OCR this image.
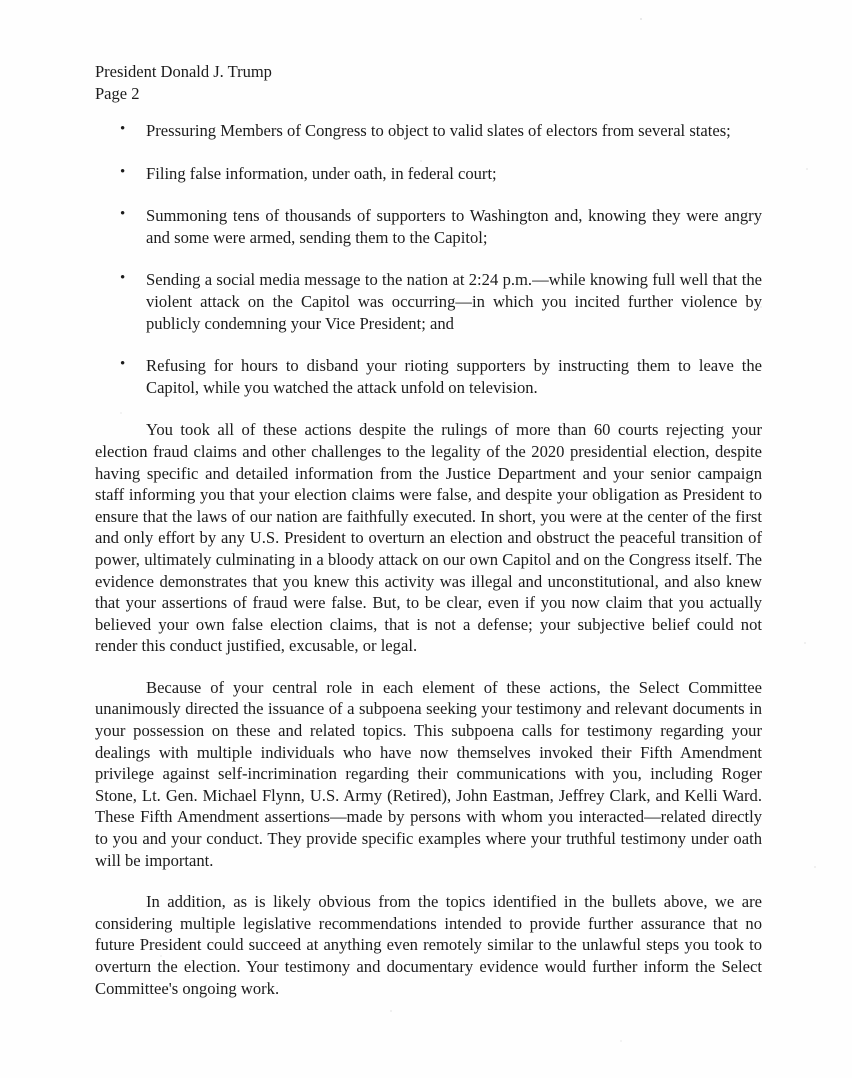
President Donald J. Trump
Page 2
• Pressuring Members of Congress to object to valid slates of electors from several states;
• Filing false information, under oath, in federal court;
• Summoning tens of thousands of supporters to Washington and, knowing they were angry and some were armed, sending them to the Capitol;
• Sending a social media message to the nation at 2:24 p.m.—while knowing full well that the violent attack on the Capitol was occurring—in which you incited further violence by publicly condemning your Vice President; and
• Refusing for hours to disband your rioting supporters by instructing them to leave the Capitol, while you watched the attack unfold on television.

You took all of these actions despite the rulings of more than 60 courts rejecting your election fraud claims and other challenges to the legality of the 2020 presidential election, despite having specific and detailed information from the Justice Department and your senior campaign staff informing you that your election claims were false, and despite your obligation as President to ensure that the laws of our nation are faithfully executed. In short, you were at the center of the first and only effort by any U.S. President to overturn an election and obstruct the peaceful transition of power, ultimately culminating in a bloody attack on our own Capitol and on the Congress itself. The evidence demonstrates that you knew this activity was illegal and unconstitutional, and also knew that your assertions of fraud were false. But, to be clear, even if you now claim that you actually believed your own false election claims, that is not a defense; your subjective belief could not render this conduct justified, excusable, or legal.

Because of your central role in each element of these actions, the Select Committee unanimously directed the issuance of a subpoena seeking your testimony and relevant documents in your possession on these and related topics. This subpoena calls for testimony regarding your dealings with multiple individuals who have now themselves invoked their Fifth Amendment privilege against self-incrimination regarding their communications with you, including Roger Stone, Lt. Gen. Michael Flynn, U.S. Army (Retired), John Eastman, Jeffrey Clark, and Kelli Ward. These Fifth Amendment assertions—made by persons with whom you interacted—related directly to you and your conduct. They provide specific examples where your truthful testimony under oath will be important.

In addition, as is likely obvious from the topics identified in the bullets above, we are considering multiple legislative recommendations intended to provide further assurance that no future President could succeed at anything even remotely similar to the unlawful steps you took to overturn the election. Your testimony and documentary evidence would further inform the Select Committee's ongoing work.
